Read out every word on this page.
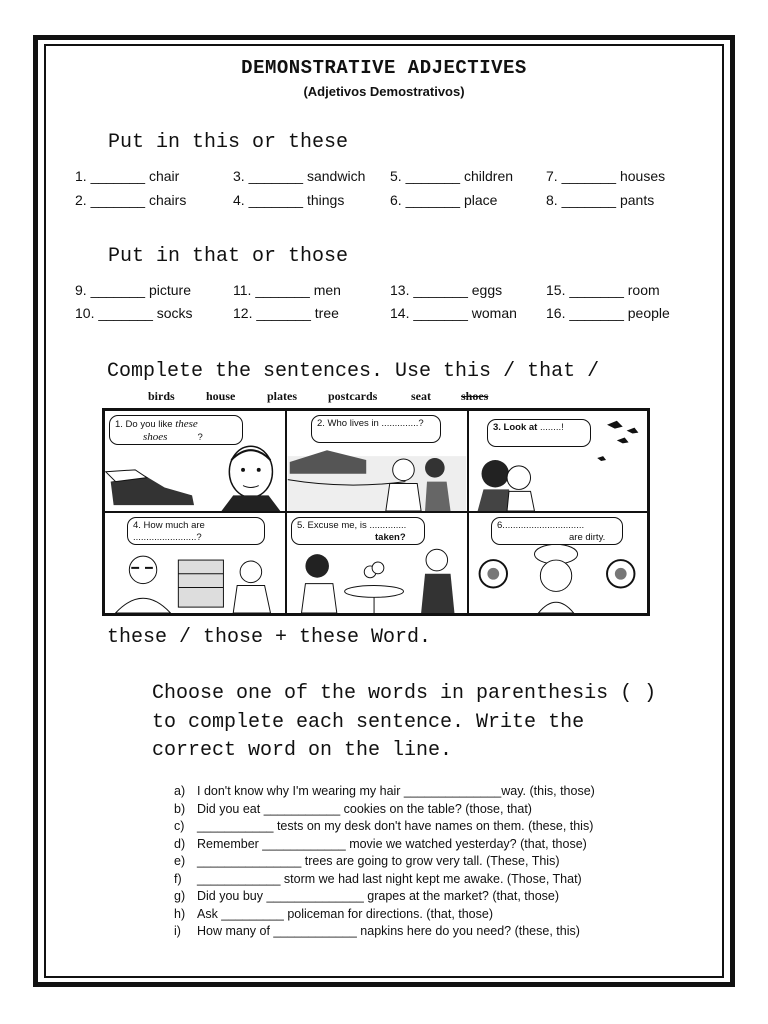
DEMONSTRATIVE ADJECTIVES
(Adjetivos Demostrativos)
Put in this or these
1. _______ chair	3. _______ sandwich 5. _______ children 7. _______ houses
2. _______ chairs	4. _______ things	6. _______ place	8. _______ pants
Put in that or those
9. _______ picture	11. _______ men	13. _______ eggs	15. _______ room
10. _______ socks	12. _______ tree	14. _______ woman 16. _______ people
Complete the sentences. Use this / that /
birds	house	plates	postcards	seat	shoes
1. Do you like these
shoes	?
2. Who lives in ..............?	3. Look at ........!
4. How much are ........................?
5. Excuse me, is ..............
taken?
6...............................
are dirty.
these / those + these Word.
Choose one of the words in parenthesis ( ) to complete each sentence. Write the correct word on the line.
a) I don't know why I'm wearing my hair ______________way. (this, those)
b) Did you eat ___________ cookies on the table? (those, that)
c) ___________ tests on my desk don't have names on them. (these, this)
d) Remember ____________ movie we watched yesterday? (that, those)
e) _______________ trees are going to grow very tall. (These, This)
f) ____________ storm we had last night kept me awake. (Those, That)
g) Did you buy ______________ grapes at the market? (that, those)
h) Ask _________ policeman for directions. (that, those)
i) How many of ____________ napkins here do you need? (these, this)
